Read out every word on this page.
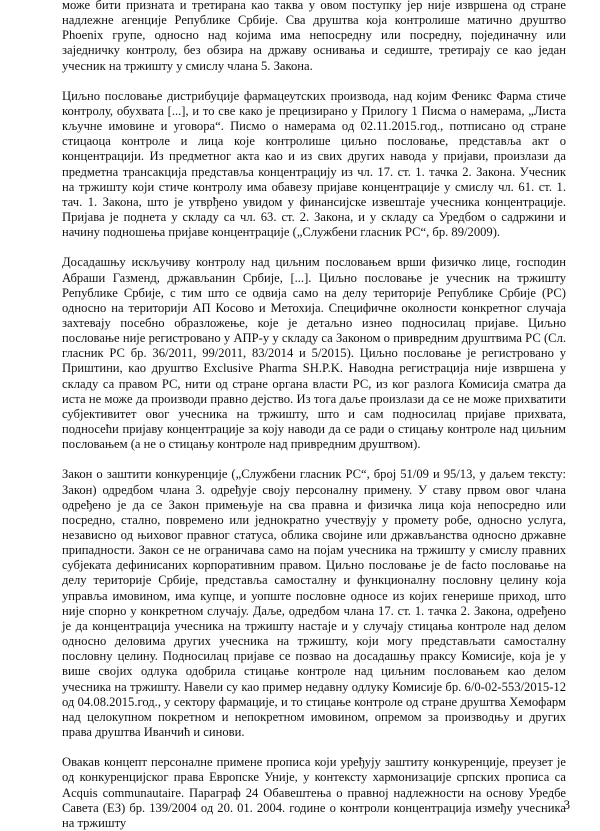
може бити призната и третирана као таква у овом поступку јер није извршена од стране надлежне агенције Републике Србије. Сва друштва која контролише матично друштво Phoenix групе, односно над којима има непосредну или посредну, појединачну или заједничку контролу, без обзира на државу оснивања и седиште, третирају се као један учесник на тржишту у смислу члана 5. Закона.

Циљно пословање дистрибуције фармацеутских производа, над којим Феникс Фарма стиче контролу, обухвата [...], и то све како је прецизирано у Прилогу 1 Писма о намерама, „Листа кључне имовине и уговора“. Писмо о намерама од 02.11.2015.год., потписано од стране стицаоца контроле и лица које контролише циљно пословање, представља акт о концентрацији. Из предметног акта као и из свих других навода у пријави, произлази да предметна трансакција представља концентрацију из чл. 17. ст. 1. тачка 2. Закона. Учесник на тржишту који стиче контролу има обавезу пријаве концентрације у смислу чл. 61. ст. 1. тач. 1. Закона, што је утврђено увидом у финансијске извештаје учесника концентрације. Пријава је поднета у складу са чл. 63. ст. 2. Закона, и у складу са Уредбом о садржини и начину подношења пријаве концентрације („Службени гласник РС“, бр. 89/2009).

Досадашњу искључиву контролу над циљним пословањем врши физичко лице, господин Абраши Газменд, држављанин Србије, [...]. Циљно пословање је учесник на тржишту Републике Србије, с тим што се одвија само на делу територије Републике Србије (РС) односно на територији АП Косово и Метохија. Специфичне околности конкретног случаја захтевају посебно образложење, које је детаљно изнео подносилац пријаве. Циљно пословање није регистровано у АПР-у у складу са Законом о привредним друштвима РС (Сл. гласник РС бр. 36/2011, 99/2011, 83/2014 и 5/2015). Циљно пословање је регистровано у Приштини, као друштво Exclusive Pharma SH.P.K. Наводна регистрација није извршена у складу са правом РС, нити од стране органа власти РС, из ког разлога Комисија сматра да иста не може да производи правно дејство. Из тога даље произлази да се не може прихватити субјективитет овог учесника на тржишту, што и сам подносилац пријаве прихвата, подносећи пријаву концентрације за коју наводи да се ради о стицању контроле над циљним пословањем (а не о стицању контроле над привредним друштвом).

Закон о заштити конкуренције („Службени гласник РС“, број 51/09 и 95/13, у даљем тексту: Закон) одредбом члана 3. одређује своју персоналну примену. У ставу првом овог члана одређено је да се Закон примењује на сва правна и физичка лица која непосредно или посредно, стално, повремено или једнократно учествују у промету робе, односно услуга, независно од њиховог правног статуса, облика својине или држављанства односно државне припадности. Закон се не ограничава само на појам учесника на тржишту у смислу правних субјеката дефинисаних корпоративним правом. Циљно пословање је de facto пословање на делу територије Србије, представља самосталну и функционалну пословну целину која управља имовином, има купце, и уопште пословне односе из којих генерише приход, што није спорно у конкретном случају. Даље, одредбом члана 17. ст. 1. тачка 2. Закона, одређено је да концентрација учесника на тржишту настаје и у случају стицања контроле над делом односно деловима других учесника на тржишту, који могу представљати самосталну пословну целину. Подносилац пријаве се позвао на досадашњу праксу Комисије, која је у више својих одлука одобрила стицање контроле над циљним пословањем као делом учесника на тржишту. Навели су као пример недавну одлуку Комисије бр. 6/0-02-553/2015-12 од 04.08.2015.год., у сектору фармације, и то стицање контроле од стране друштва Хемофарм над целокупном покретном и непокретном имовином, опремом за производњу и других права друштва Иванчић и синови.

Овакав концепт персоналне примене прописа који уређују заштиту конкуренције, преузет је од конкуренцијског права Европске Уније, у контексту хармонизације српских прописа са Acquis communautaire. Параграф 24 Обавештења о правној надлежности на основу Уредбе Савета (ЕЗ) бр. 139/2004 од 20. 01. 2004. године о контроли концентрација између учесника на тржишту

3
